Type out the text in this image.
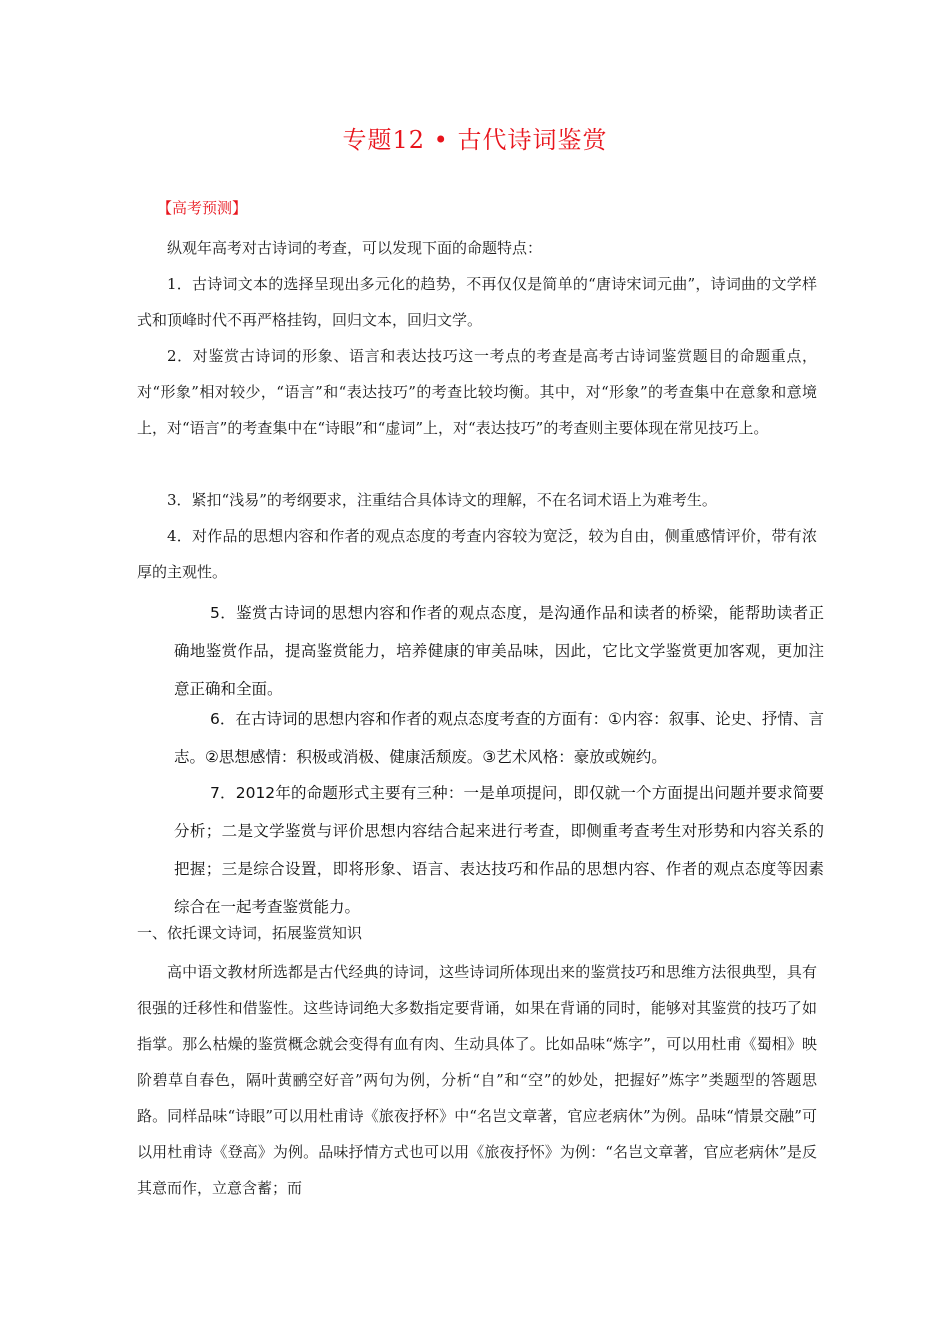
专题12 • 古代诗词鉴赏
【高考预测】

纵观年高考对古诗词的考查，可以发现下面的命题特点：

1．古诗词文本的选择呈现出多元化的趋势，不再仅仅是简单的“唐诗宋词元曲”，诗词曲的文学样式和顶峰时代不再严格挂钩，回归文本，回归文学。

2．对鉴赏古诗词的形象、语言和表达技巧这一考点的考查是高考古诗词鉴赏题目的命题重点，对“形象”相对较少，“语言”和“表达技巧”的考查比较均衡。其中，对“形象”的考查集中在意象和意境上，对“语言”的考查集中在“诗眼”和“虚词”上，对“表达技巧”的考查则主要体现在常见技巧上。

3．紧扣“浅易”的考纲要求，注重结合具体诗文的理解，不在名词术语上为难考生。

4．对作品的思想内容和作者的观点态度的考查内容较为宽泛，较为自由，侧重感情评价，带有浓厚的主观性。

5．鉴赏古诗词的思想内容和作者的观点态度，是沟通作品和读者的桥梁，能帮助读者正确地鉴赏作品，提高鉴赏能力，培养健康的审美品味，因此，它比文学鉴赏更加客观，更加注意正确和全面。

6．在古诗词的思想内容和作者的观点态度考查的方面有：①内容：叙事、论史、抒情、言志。②思想感情：积极或消极、健康活颓废。③艺术风格：豪放或婉约。

7．2012年的命题形式主要有三种：一是单项提问，即仅就一个方面提出问题并要求简要分析；二是文学鉴赏与评价思想内容结合起来进行考查，即侧重考查考生对形势和内容关系的把握；三是综合设置，即将形象、语言、表达技巧和作品的思想内容、作者的观点态度等因素综合在一起考查鉴赏能力。

一、依托课文诗词，拓展鉴赏知识

高中语文教材所选都是古代经典的诗词，这些诗词所体现出来的鉴赏技巧和思维方法很典型，具有很强的迁移性和借鉴性。这些诗词绝大多数指定要背诵，如果在背诵的同时，能够对其鉴赏的技巧了如指掌。那么枯燥的鉴赏概念就会变得有血有肉、生动具体了。比如品味“炼字”，可以用杜甫《蜀相》映阶碧草自春色，隔叶黄鹂空好音”两句为例，分析“自”和“空”的妙处，把握好”炼字”类题型的答题思路。同样品味“诗眼”可以用杜甫诗《旅夜抒杯》中“名岂文章著，官应老病休”为例。品味“情景交融”可以用杜甫诗《登高》为例。品味抒情方式也可以用《旅夜抒怀》为例：“名岂文章著，官应老病休”是反其意而作，立意含蓄；而
